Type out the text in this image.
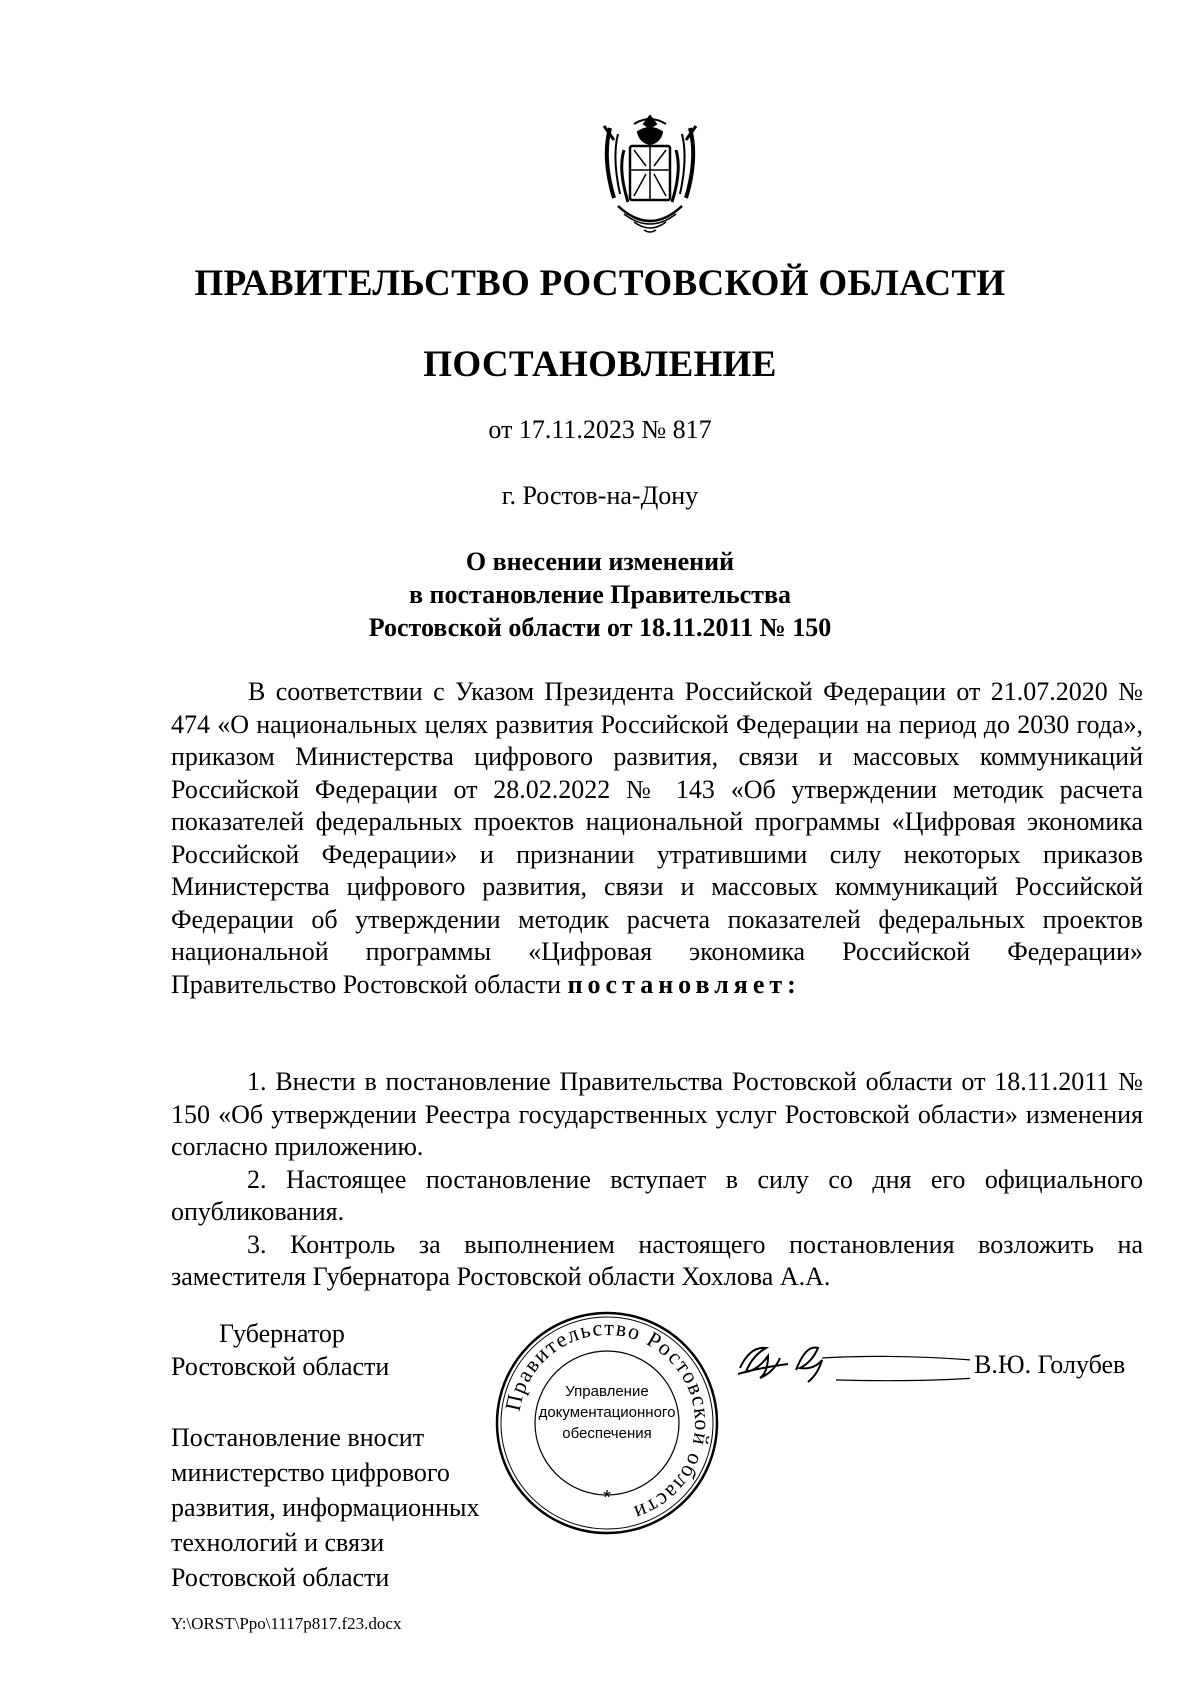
ПРАВИТЕЛЬСТВО РОСТОВСКОЙ ОБЛАСТИ
ПОСТАНОВЛЕНИЕ
от 17.11.2023 № 817
г. Ростов-на-Дону
О внесении изменений
в постановление Правительства
Ростовской области от 18.11.2011 № 150

В соответствии с Указом Президента Российской Федерации от 21.07.2020 № 474 «О национальных целях развития Российской Федерации на период до 2030 года», приказом Министерства цифрового развития, связи и массовых коммуникаций Российской Федерации от 28.02.2022 № 143 «Об утверждении методик расчета показателей федеральных проектов национальной программы «Цифровая экономика Российской Федерации» и признании утратившими силу некоторых приказов Министерства цифрового развития, связи и массовых коммуникаций Российской Федерации об утверждении методик расчета показателей федеральных проектов национальной программы «Цифровая экономика Российской Федерации» Правительство Ростовской области постановляет:

1. Внести в постановление Правительства Ростовской области от 18.11.2011 № 150 «Об утверждении Реестра государственных услуг Ростовской области» изменения согласно приложению.

2. Настоящее постановление вступает в силу со дня его официального опубликования.

3. Контроль за выполнением настоящего постановления возложить на заместителя Губернатора Ростовской области Хохлова А.А.

Губернатор
Ростовской области
Правительство Ростовской области
Управление
документационного
обеспечения
*
В.Ю. Голубев
Постановление вносит
министерство цифрового
развития, информационных
технологий и связи
Ростовской области
Y:\ORST\Ppo\1117p817.f23.docx
